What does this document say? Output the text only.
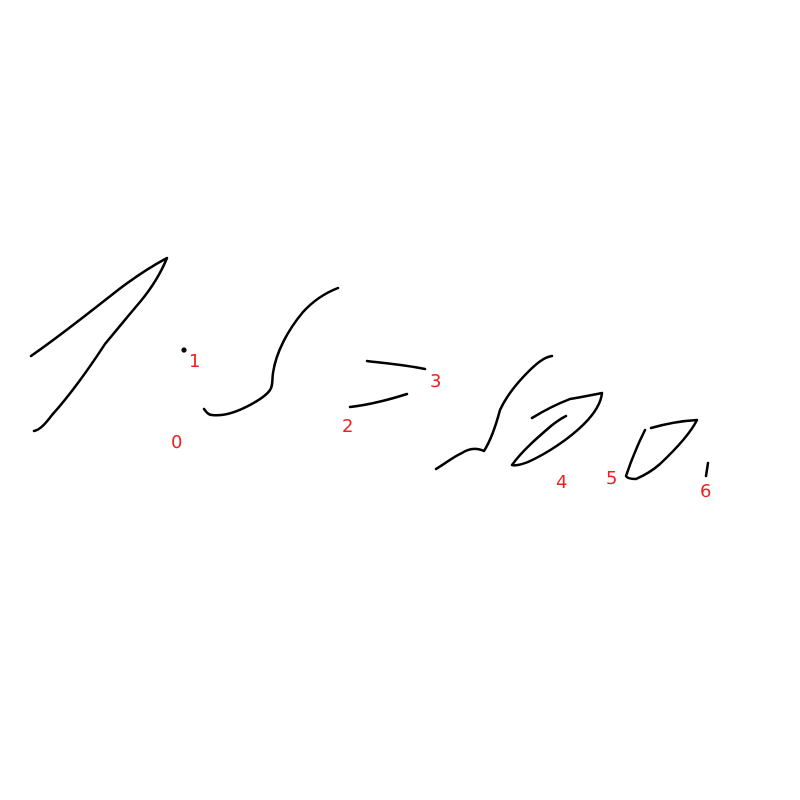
0
1
2
3
4 5
6
